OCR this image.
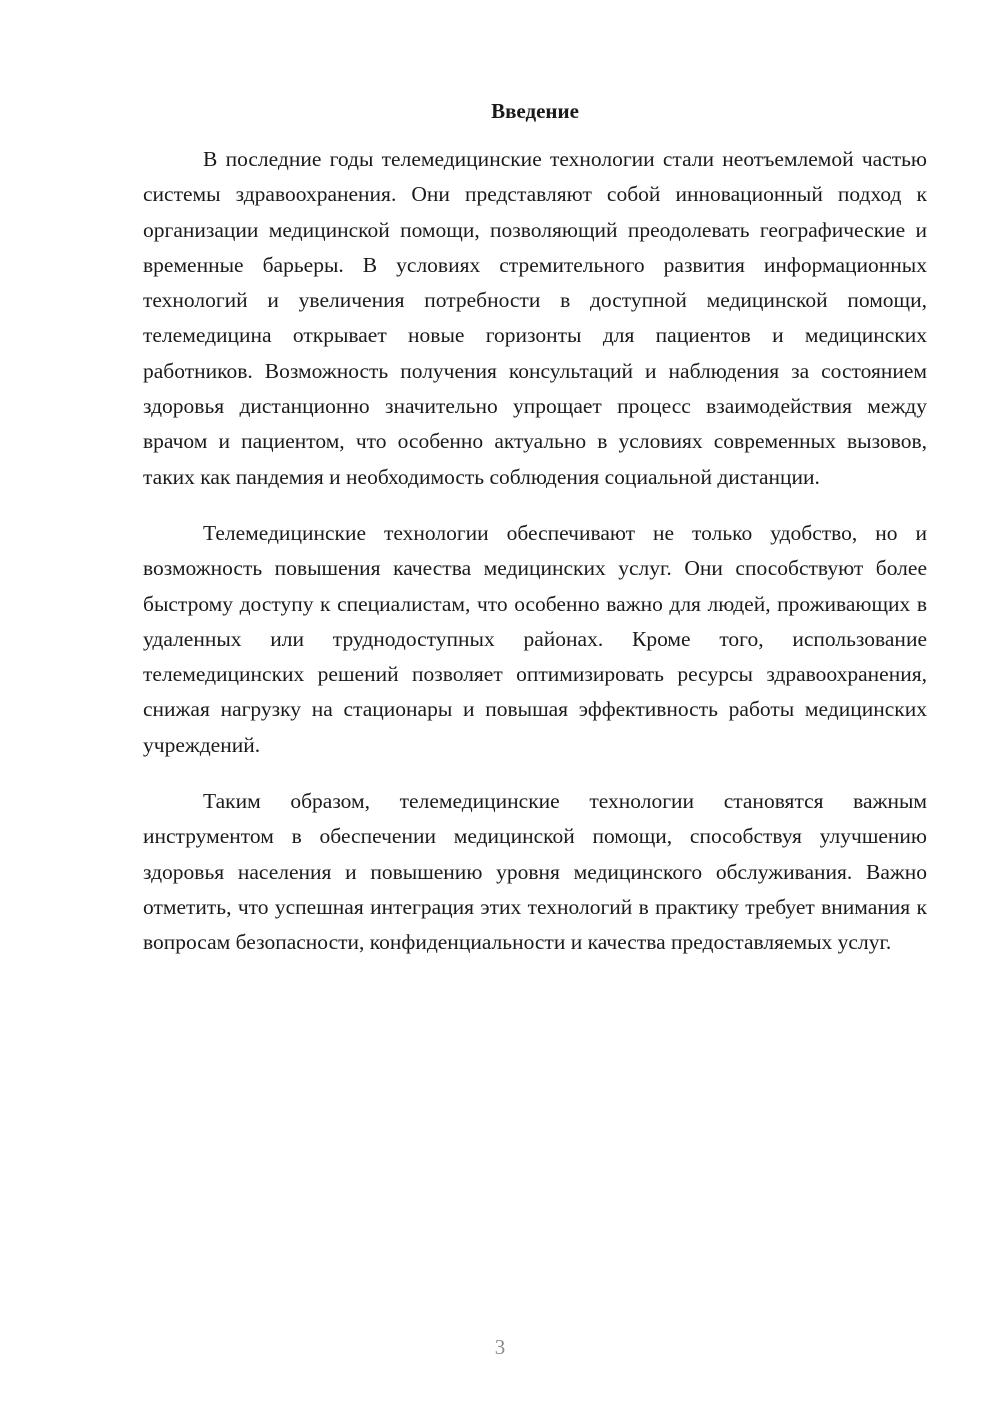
Введение

В последние годы телемедицинские технологии стали неотъемлемой частью системы здравоохранения. Они представляют собой инновационный подход к организации медицинской помощи, позволяющий преодолевать географические и временные барьеры. В условиях стремительного развития информационных технологий и увеличения потребности в доступной медицинской помощи, телемедицина открывает новые горизонты для пациентов и медицинских работников. Возможность получения консультаций и наблюдения за состоянием здоровья дистанционно значительно упрощает процесс взаимодействия между врачом и пациентом, что особенно актуально в условиях современных вызовов, таких как пандемия и необходимость соблюдения социальной дистанции.

Телемедицинские технологии обеспечивают не только удобство, но и возможность повышения качества медицинских услуг. Они способствуют более быстрому доступу к специалистам, что особенно важно для людей, проживающих в удаленных или труднодоступных районах. Кроме того, использование телемедицинских решений позволяет оптимизировать ресурсы здравоохранения, снижая нагрузку на стационары и повышая эффективность работы медицинских учреждений.

Таким образом, телемедицинские технологии становятся важным инструментом в обеспечении медицинской помощи, способствуя улучшению здоровья населения и повышению уровня медицинского обслуживания. Важно отметить, что успешная интеграция этих технологий в практику требует внимания к вопросам безопасности, конфиденциальности и качества предоставляемых услуг.

3
